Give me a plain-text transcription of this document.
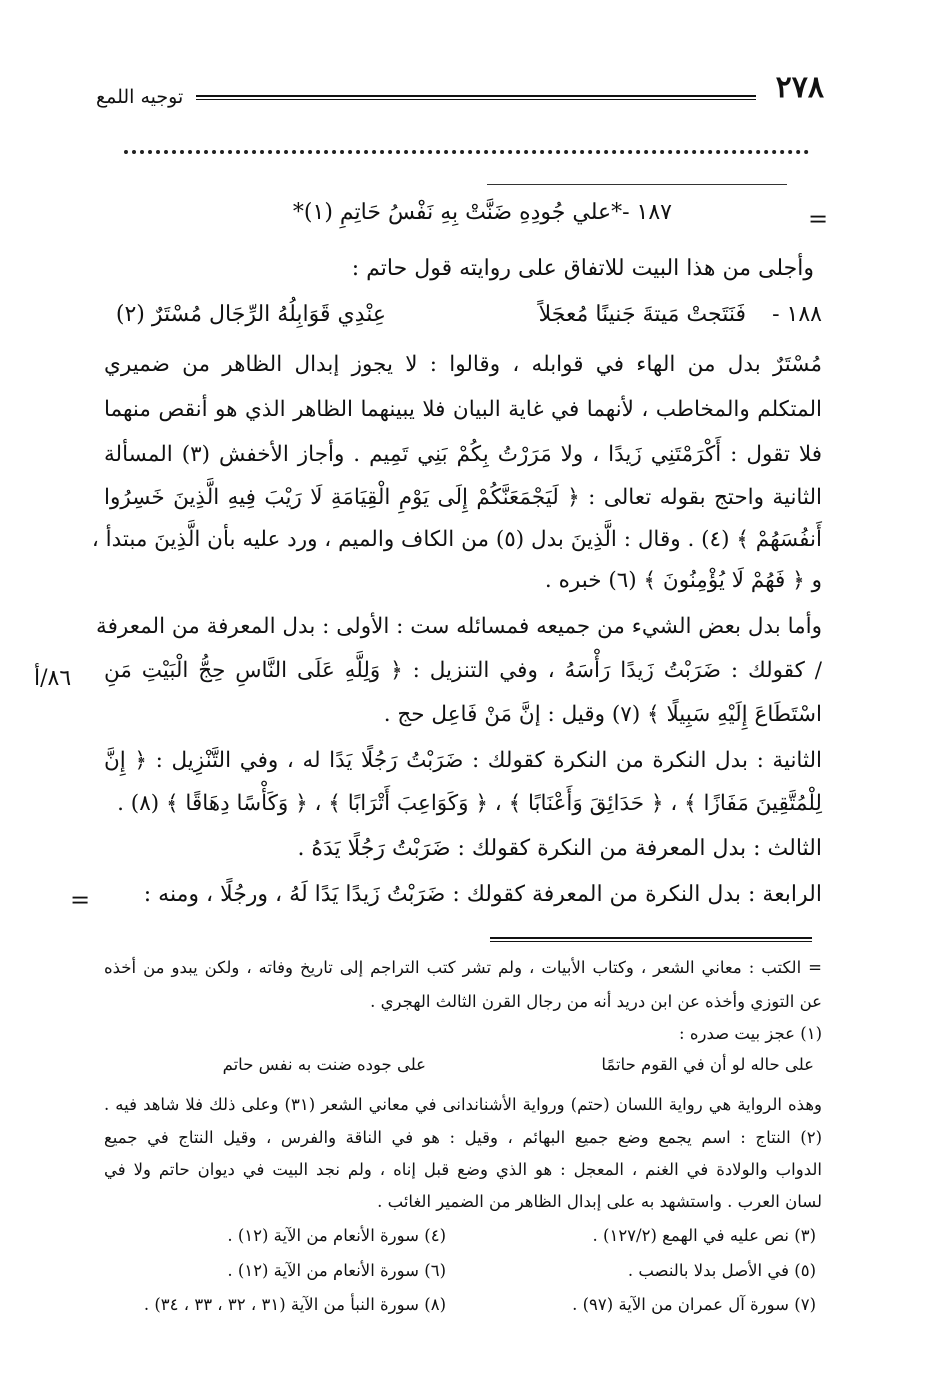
٢٧٨
توجيه اللمع
=
١٨٧ -*علي جُودِهِ ضَنَّتْ بِهِ نَفْسُ حَاتِمِ (١)*
وأجلى من هذا البيت للاتفاق على روايته قول حاتم :
١٨٨ -
فَنَتَجتْ مَيتةَ جَنينًا مُعجَلاً
عِنْدِي قَوَابِلُهُ الرِّجَال مُسْتَرٌ (٢)
مُسْتَرٌ بدل من الهاء في قوابله ، وقالوا : لا يجوز إبدال الظاهر من ضميري
المتكلم والمخاطب ، لأنهما في غاية البيان فلا يبينهما الظاهر الذي هو أنقص منهما
فلا تقول : أَكْرَمْتَنِي زَيدًا ، ولا مَرَرْتُ بِكُمْ بَنِي تَمِيم . وأجاز الأخفش (٣) المسألة
الثانية واحتج بقوله تعالى : ﴿ لَيَجْمَعَنَّكُمْ إِلَى يَوْمِ الْقِيَامَةِ لَا رَيْبَ فِيهِ الَّذِينَ خَسِرُوا
أَنفُسَهُمْ ﴾ (٤) . وقال : الَّذِينَ بدل (٥) من الكاف والميم ، ورد عليه بأن الَّذِينَ مبتدأ ،
و ﴿ فَهُمْ لَا يُؤْمِنُونَ ﴾ (٦) خبره .
وأما بدل بعض الشيء من جميعه فمسائله ست : الأولى : بدل المعرفة من المعرفة
/ كقولك : ضَرَبْتُ زَيدًا رَأْسَهُ ، وفي التنزيل : ﴿ وَلِلَّهِ عَلَى النَّاسِ حِجُّ الْبَيْتِ مَنِ
اسْتَطَاعَ إِلَيْهِ سَبِيلًا ﴾ (٧) وقيل : إنَّ مَنْ فَاعِل حج .
٨٦/أ
الثانية : بدل النكرة من النكرة كقولك : ضَرَبْتُ رَجُلًا يَدًا له ، وفي التَّنْزِيل : ﴿ إِنَّ
لِلْمُتَّقِينَ مَفَازًا ﴾ ، ﴿ حَدَائِقَ وَأَعْنَابًا ﴾ ، ﴿ وَكَوَاعِبَ أَتْرَابًا ﴾ ، ﴿ وَكَأْسًا دِهَاقًا ﴾ (٨) .
الثالث : بدل المعرفة من النكرة كقولك : ضَرَبْتُ رَجُلًا يَدَهُ .
الرابعة : بدل النكرة من المعرفة كقولك : ضَرَبْتُ زَيدًا يَدًا لَهُ ، ورجُلًا ، ومنه :
=
= الكتب : معاني الشعر ، وكتاب الأبيات ، ولم تشر كتب التراجم إلى تاريخ وفاته ، ولكن يبدو من أخذه
عن التوزي وأخذه عن ابن دريد أنه من رجال القرن الثالث الهجري .
(١) عجز بيت صدره :
على حاله لو أن في القوم حاتمًا
على جوده ضنت به نفس حاتم
وهذه الرواية هي رواية اللسان (حتم) ورواية الأشناندانى في معاني الشعر (٣١) وعلى ذلك فلا شاهد فيه .
(٢) النتاج : اسم يجمع وضع جميع البهائم ، وقيل : هو في الناقة والفرس ، وقيل النتاج في جميع
الدواب والولادة في الغنم ، المعجل : هو الذي وضع قبل إناه ، ولم نجد البيت في ديوان حاتم ولا في
لسان العرب . واستشهد به على إبدال الظاهر من الضمير الغائب .
(٣) نص عليه في الهمع (١٢٧/٢) .
(٤) سورة الأنعام من الآية (١٢) .
(٥) في الأصل بدلا بالنصب .
(٦) سورة الأنعام من الآية (١٢) .
(٧) سورة آل عمران من الآية (٩٧) .
(٨) سورة النبأ من الآية (٣١ ، ٣٢ ، ٣٣ ، ٣٤) .
